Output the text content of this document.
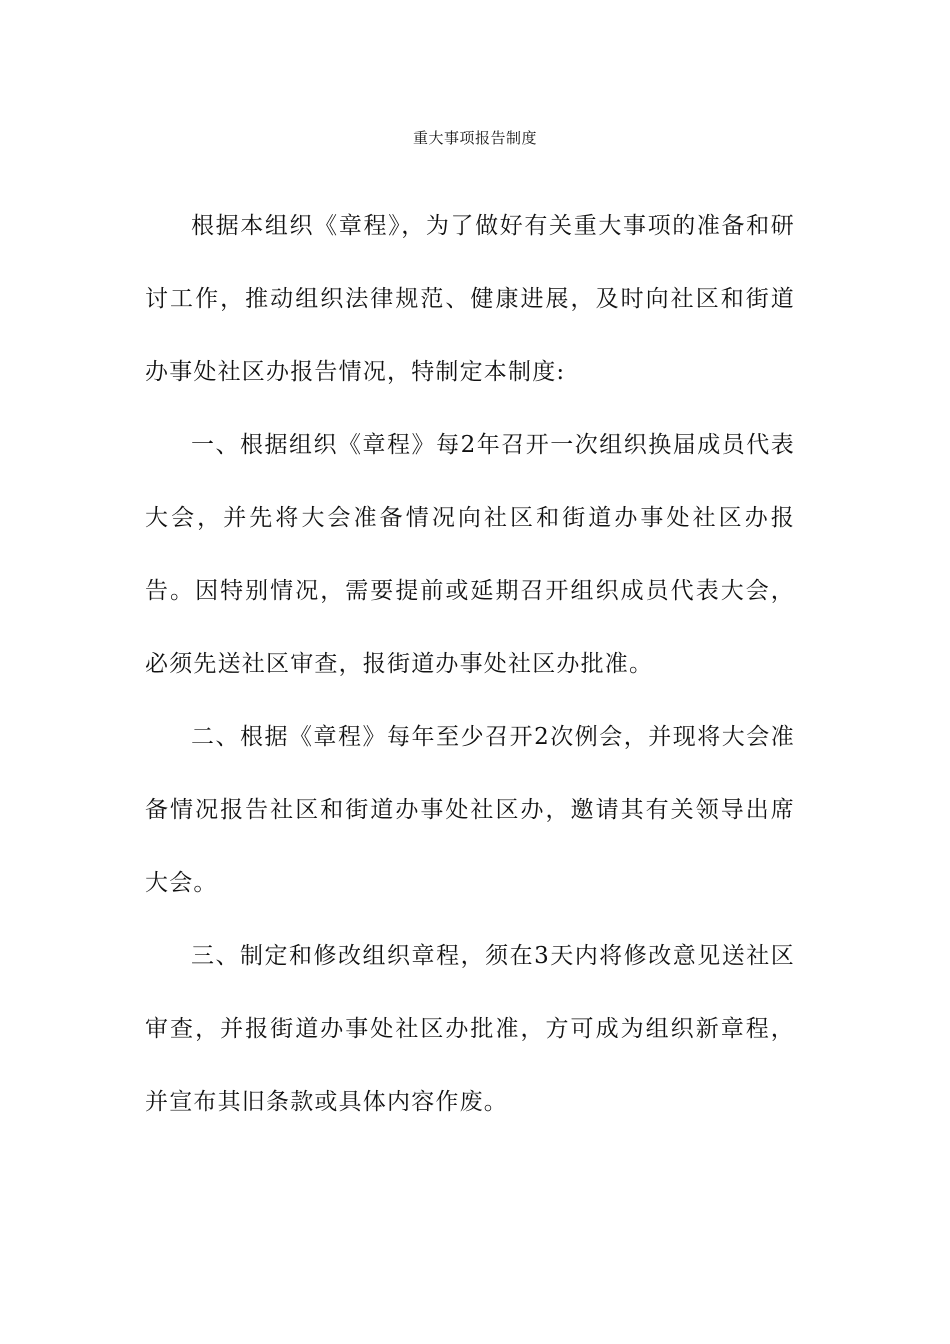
重大事项报告制度

根据本组织《章程》，为了做好有关重大事项的准备和研讨工作，推动组织法律规范、健康进展，及时向社区和街道办事处社区办报告情况，特制定本制度:

一、根据组织《章程》每2年召开一次组织换届成员代表大会，并先将大会准备情况向社区和街道办事处社区办报告。因特别情况，需要提前或延期召开组织成员代表大会，必须先送社区审查，报街道办事处社区办批准。

二、根据《章程》每年至少召开2次例会，并现将大会准备情况报告社区和街道办事处社区办，邀请其有关领导出席大会。

三、制定和修改组织章程，须在3天内将修改意见送社区审查，并报街道办事处社区办批准，方可成为组织新章程，并宣布其旧条款或具体内容作废。
